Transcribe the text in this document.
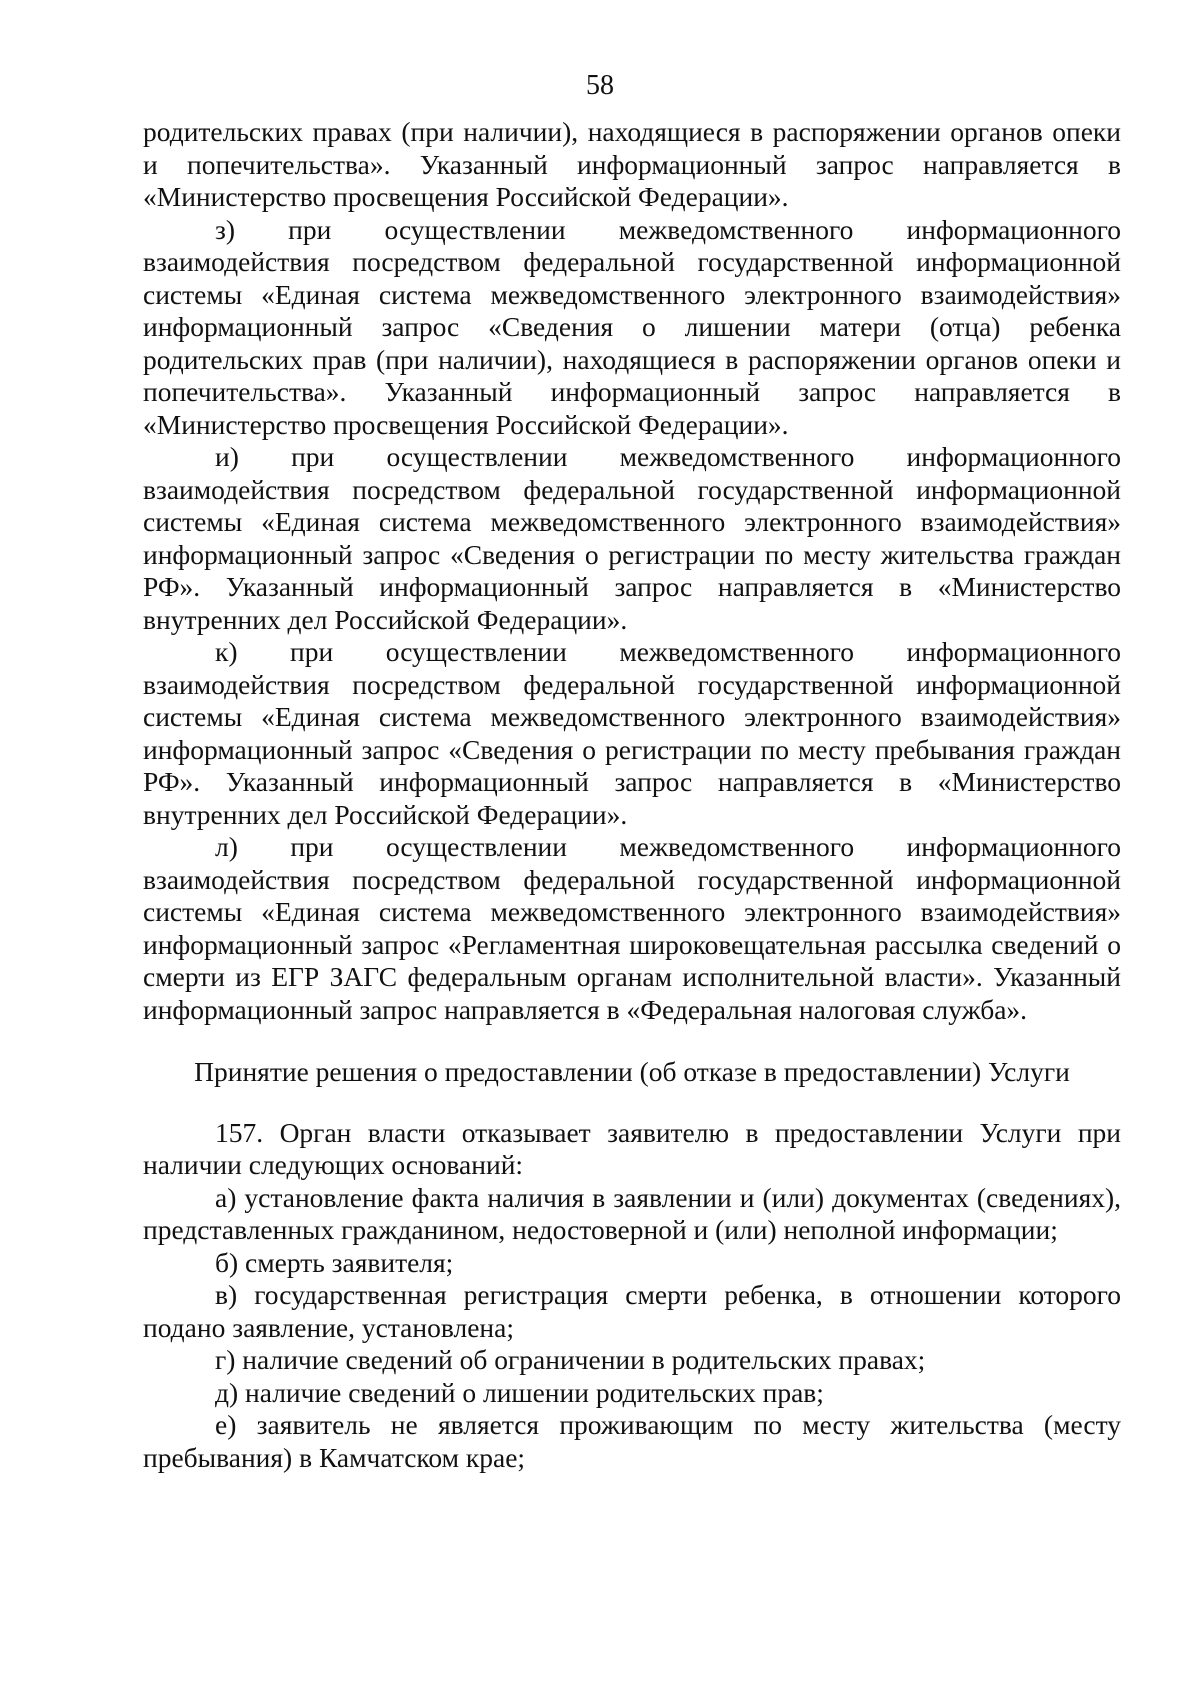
58

родительских правах (при наличии), находящиеся в распоряжении органов опеки и попечительства». Указанный информационный запрос направляется в «Министерство просвещения Российской Федерации».

з) при осуществлении межведомственного информационного взаимодействия посредством федеральной государственной информационной системы «Единая система межведомственного электронного взаимодействия» информационный запрос «Сведения о лишении матери (отца) ребенка родительских прав (при наличии), находящиеся в распоряжении органов опеки и попечительства». Указанный информационный запрос направляется в «Министерство просвещения Российской Федерации».

и) при осуществлении межведомственного информационного взаимодействия посредством федеральной государственной информационной системы «Единая система межведомственного электронного взаимодействия» информационный запрос «Сведения о регистрации по месту жительства граждан РФ». Указанный информационный запрос направляется в «Министерство внутренних дел Российской Федерации».

к) при осуществлении межведомственного информационного взаимодействия посредством федеральной государственной информационной системы «Единая система межведомственного электронного взаимодействия» информационный запрос «Сведения о регистрации по месту пребывания граждан РФ». Указанный информационный запрос направляется в «Министерство внутренних дел Российской Федерации».

л) при осуществлении межведомственного информационного взаимодействия посредством федеральной государственной информационной системы «Единая система межведомственного электронного взаимодействия» информационный запрос «Регламентная широковещательная рассылка сведений о смерти из ЕГР ЗАГС федеральным органам исполнительной власти». Указанный информационный запрос направляется в «Федеральная налоговая служба».

Принятие решения о предоставлении (об отказе в предоставлении) Услуги

157. Орган власти отказывает заявителю в предоставлении Услуги при наличии следующих оснований:

а) установление факта наличия в заявлении и (или) документах (сведениях), представленных гражданином, недостоверной и (или) неполной информации;

б) смерть заявителя;

в) государственная регистрация смерти ребенка, в отношении которого подано заявление, установлена;

г) наличие сведений об ограничении в родительских правах;

д) наличие сведений о лишении родительских прав;

е) заявитель не является проживающим по месту жительства (месту пребывания) в Камчатском крае;
